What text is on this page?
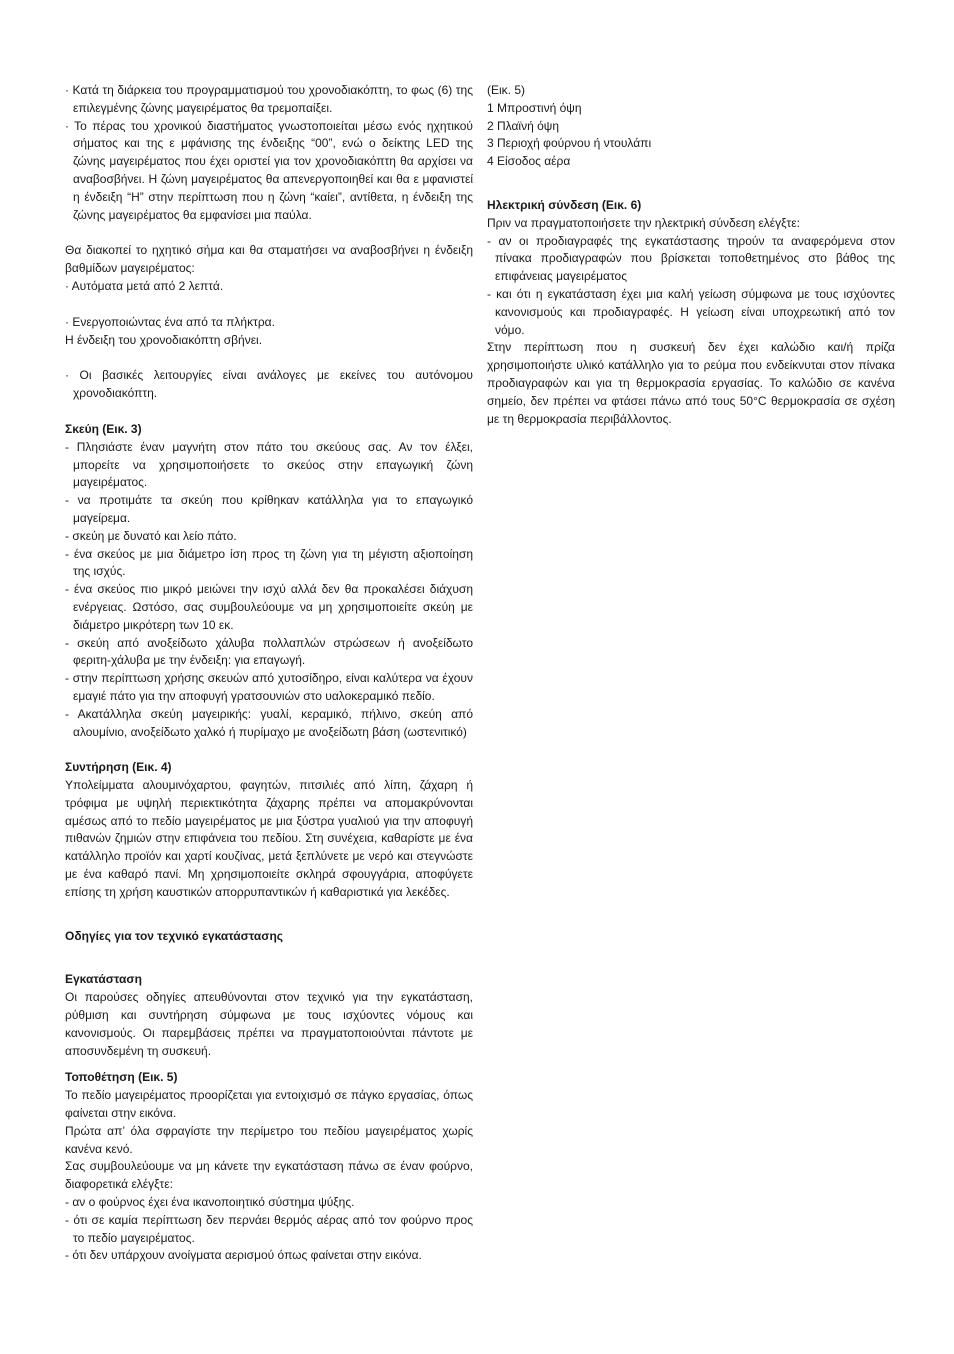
· Κατά τη διάρκεια του προγραμματισμού του χρονοδιακόπτη, το φως (6) της επιλεγμένης ζώνης μαγειρέματος θα τρεμοπαίξει.

· Το πέρας του χρονικού διαστήματος γνωστοποιείται μέσω ενός ηχητικού σήματος και της ε μφάνισης της ένδειξης “00”, ενώ ο δείκτης LED της ζώνης μαγειρέματος που έχει οριστεί για τον χρονοδιακόπτη θα αρχίσει να αναβοσβήνει. Η ζώνη μαγειρέματος θα απενεργοποιηθεί και θα ε μφανιστεί η ένδειξη “H” στην περίπτωση που η ζώνη “καίει”, αντίθετα, η ένδειξη της ζώνης μαγειρέματος θα εμφανίσει μια παύλα.

Θα διακοπεί το ηχητικό σήμα και θα σταματήσει να αναβοσβήνει η ένδειξη βαθμίδων μαγειρέματος:

· Αυτόματα μετά από 2 λεπτά.

· Ενεργοποιώντας ένα από τα πλήκτρα.

Η ένδειξη του χρονοδιακόπτη σβήνει.

· Οι βασικές λειτουργίες είναι ανάλογες με εκείνες του αυτόνομου χρονοδιακόπτη.

Σκεύη (Εικ. 3)

- Πλησιάστε έναν μαγνήτη στον πάτο του σκεύους σας. Αν τον έλξει, μπορείτε να χρησιμοποιήσετε το σκεύος στην επαγωγική ζώνη μαγειρέματος.

- να προτιμάτε τα σκεύη που κρίθηκαν κατάλληλα για το επαγωγικό μαγείρεμα.

- σκεύη με δυνατό και λείο πάτο.

- ένα σκεύος με μια διάμετρο ίση προς τη ζώνη για τη μέγιστη αξιοποίηση της ισχύς.

- ένα σκεύος πιο μικρό μειώνει την ισχύ αλλά δεν θα προκαλέσει διάχυση ενέργειας. Ωστόσο, σας συμβουλεύουμε να μη χρησιμοποιείτε σκεύη με διάμετρο μικρότερη των 10 εκ.

- σκεύη από ανοξείδωτο χάλυβα πολλαπλών στρώσεων ή ανοξείδωτο φεριτη-χάλυβα με την ένδειξη: για επαγωγή.

- στην περίπτωση χρήσης σκευών από χυτοσίδηρο, είναι καλύτερα να έχουν εμαγιέ πάτο για την αποφυγή γρατσουνιών στο υαλοκεραμικό πεδίο.

- Ακατάλληλα σκεύη μαγειρικής: γυαλί, κεραμικό, πήλινο, σκεύη από αλουμίνιο, ανοξείδωτο χαλκό ή πυρίμαχο με ανοξείδωτη βάση (ωστενιτικό)

Συντήρηση (Εικ. 4)

Υπολείμματα αλουμινόχαρτου, φαγητών, πιτσιλιές από λίπη, ζάχαρη ή τρόφιμα με υψηλή περιεκτικότητα ζάχαρης πρέπει να απομακρύνονται αμέσως από το πεδίο μαγειρέματος με μια ξύστρα γυαλιού για την αποφυγή πιθανών ζημιών στην επιφάνεια του πεδίου. Στη συνέχεια, καθαρίστε με ένα κατάλληλο προϊόν και χαρτί κουζίνας, μετά ξεπλύνετε με νερό και στεγνώστε με ένα καθαρό πανί. Μη χρησιμοποιείτε σκληρά σφουγγάρια, αποφύγετε επίσης τη χρήση καυστικών απορρυπαντικών ή καθαριστικά για λεκέδες.

Οδηγίες για τον τεχνικό εγκατάστασης
Εγκατάσταση

Οι παρούσες οδηγίες απευθύνονται στον τεχνικό για την εγκατάσταση, ρύθμιση και συντήρηση σύμφωνα με τους ισχύοντες νόμους και κανονισμούς. Οι παρεμβάσεις πρέπει να πραγματοποιούνται πάντοτε με αποσυνδεμένη τη συσκευή.

Τοποθέτηση (Εικ. 5)

Το πεδίο μαγειρέματος προορίζεται για εντοιχισμό σε πάγκο εργασίας, όπως φαίνεται στην εικόνα.

Πρώτα απ’ όλα σφραγίστε την περίμετρο του πεδίου μαγειρέματος χωρίς κανένα κενό.

Σας συμβουλεύουμε να μη κάνετε την εγκατάσταση πάνω σε έναν φούρνο, διαφορετικά ελέγξτε:

- αν ο φούρνος έχει ένα ικανοποιητικό σύστημα ψύξης.

- ότι σε καμία περίπτωση δεν περνάει θερμός αέρας από τον φούρνο προς το πεδίο μαγειρέματος.

- ότι δεν υπάρχουν ανοίγματα αερισμού όπως φαίνεται στην εικόνα.

(Εικ. 5)

1 Μπροστινή όψη

2 Πλαϊνή όψη

3 Περιοχή φούρνου ή ντουλάπι

4 Είσοδος αέρα

Ηλεκτρική σύνδεση (Εικ. 6)

Πριν να πραγματοποιήσετε την ηλεκτρική σύνδεση ελέγξτε:

- αν οι προδιαγραφές της εγκατάστασης τηρούν τα αναφερόμενα στον πίνακα προδιαγραφών που βρίσκεται τοποθετημένος στο βάθος της επιφάνειας μαγειρέματος

- και ότι η εγκατάσταση έχει μια καλή γείωση σύμφωνα με τους ισχύοντες κανονισμούς και προδιαγραφές. Η γείωση είναι υποχρεωτική από τον νόμο.

Στην περίπτωση που η συσκευή δεν έχει καλώδιο και/ή πρίζα χρησιμοποιήστε υλικό κατάλληλο για το ρεύμα που ενδείκνυται στον πίνακα προδιαγραφών και για τη θερμοκρασία εργασίας. Το καλώδιο σε κανένα σημείο, δεν πρέπει να φτάσει πάνω από τους 50°C θερμοκρασία σε σχέση με τη θερμοκρασία περιβάλλοντος.
